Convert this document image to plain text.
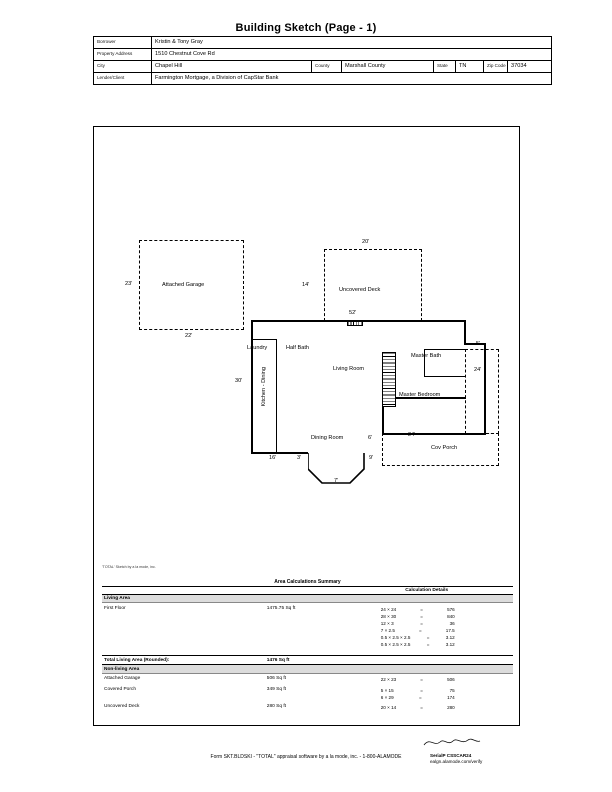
Building Sketch (Page - 1)
Borrower	Kristin & Tony Gray						
Property Address	1510 Chestnut Cove Rd						
City	Chapel Hill	County	Marshall County	State	TN	Zip Code	37034
Lender/Client	Farmington Mortgage, a Division of CapStar Bank						
Attached Garage
23'
22'
Uncovered Deck
20'
14'
Cov Porch
Laundry	Half Bath
Living Room
Master Bath
Master Bedroom
Kitchen - Dining
Dining Room
52'
30'
16'	3'
7'
9'
6'	24'
5'
24'
'TOTAL' Sketch by a la mode, inc.
Area Calculations Summary
Calculation Details
Living Area
First Floor	1475.75 Sq ft	24 × 24	=	576
28 × 30	=	840
12 × 3	=	36
7 × 2.5	=	17.5
0.5 × 2.5 × 2.5	=	3.12
0.5 × 2.5 × 2.5	=	3.12
Total Living Area (Rounded):	1476 Sq ft
Non-living Area
Attached Garage	506 Sq ft	22 × 23	=	506
Covered Porch	349 Sq ft	5 × 15	=	75
6 × 29	=	174
Uncovered Deck	280 Sq ft	20 × 14	=	280
Form SKT.BLDSKI - "TOTAL" appraisal software by a la mode, inc. - 1-800-ALAMODE	SerialP CSSCAR24
ealgn.alamode.com/verify
